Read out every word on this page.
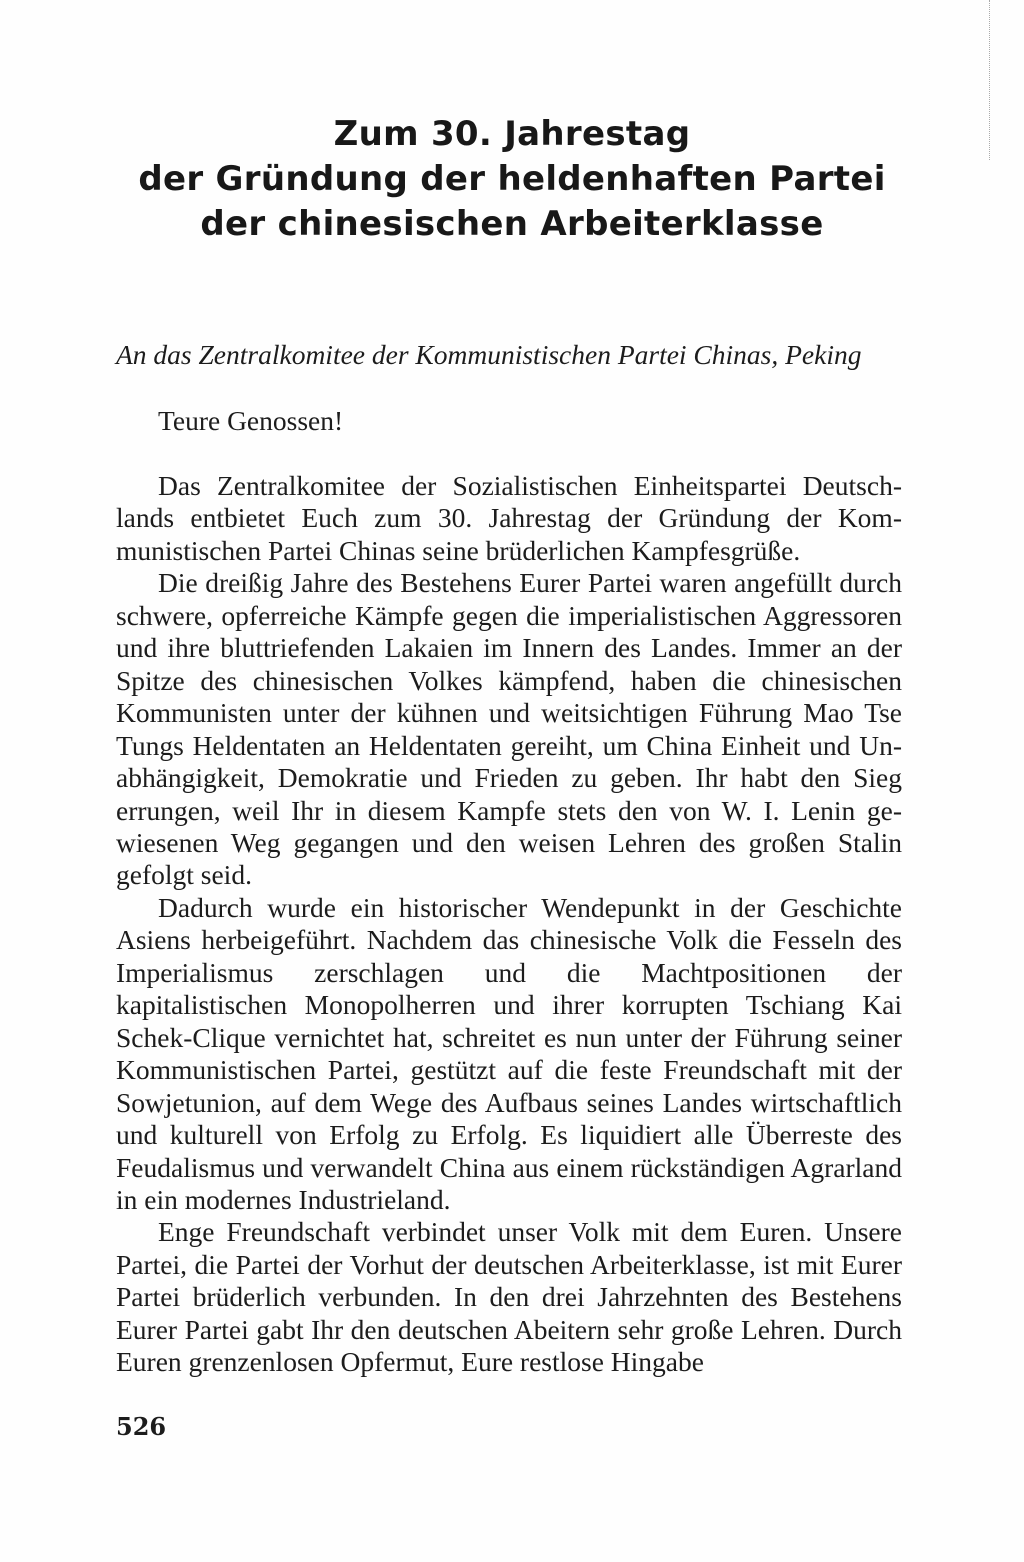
Zum 30. Jahrestag
der Gründung der heldenhaften Partei
der chinesischen Arbeiterklasse
An das Zentralkomitee der Kommunistischen Partei Chinas, Peking
Teure Genossen!

Das Zentralkomitee der Sozialistischen Einheitspartei Deutschlands entbietet Euch zum 30. Jahrestag der Gründung der Kommunistischen Partei Chinas seine brüderlichen Kampfesgrüße.

Die dreißig Jahre des Bestehens Eurer Partei waren angefüllt durch schwere, opferreiche Kämpfe gegen die imperialistischen Aggressoren und ihre bluttriefenden Lakaien im Innern des Landes. Immer an der Spitze des chinesischen Volkes kämpfend, haben die chinesischen Kommunisten unter der kühnen und weitsichtigen Führung Mao Tse Tungs Heldentaten an Heldentaten gereiht, um China Einheit und Unabhängigkeit, Demokratie und Frieden zu geben. Ihr habt den Sieg errungen, weil Ihr in diesem Kampfe stets den von W. I. Lenin gewiesenen Weg gegangen und den weisen Lehren des großen Stalin gefolgt seid.

Dadurch wurde ein historischer Wendepunkt in der Geschichte Asiens herbeigeführt. Nachdem das chinesische Volk die Fesseln des Imperialismus zerschlagen und die Machtpositionen der kapitalistischen Monopolherren und ihrer korrupten Tschiang Kai Schek-Clique vernichtet hat, schreitet es nun unter der Führung seiner Kommunistischen Partei, gestützt auf die feste Freundschaft mit der Sowjetunion, auf dem Wege des Aufbaus seines Landes wirtschaftlich und kulturell von Erfolg zu Erfolg. Es liquidiert alle Überreste des Feudalismus und verwandelt China aus einem rückständigen Agrarland in ein modernes Industrieland.

Enge Freundschaft verbindet unser Volk mit dem Euren. Unsere Partei, die Partei der Vorhut der deutschen Arbeiterklasse, ist mit Eurer Partei brüderlich verbunden. In den drei Jahrzehnten des Bestehens Eurer Partei gabt Ihr den deutschen Abeitern sehr große Lehren. Durch Euren grenzenlosen Opfermut, Eure restlose Hingabe

526
